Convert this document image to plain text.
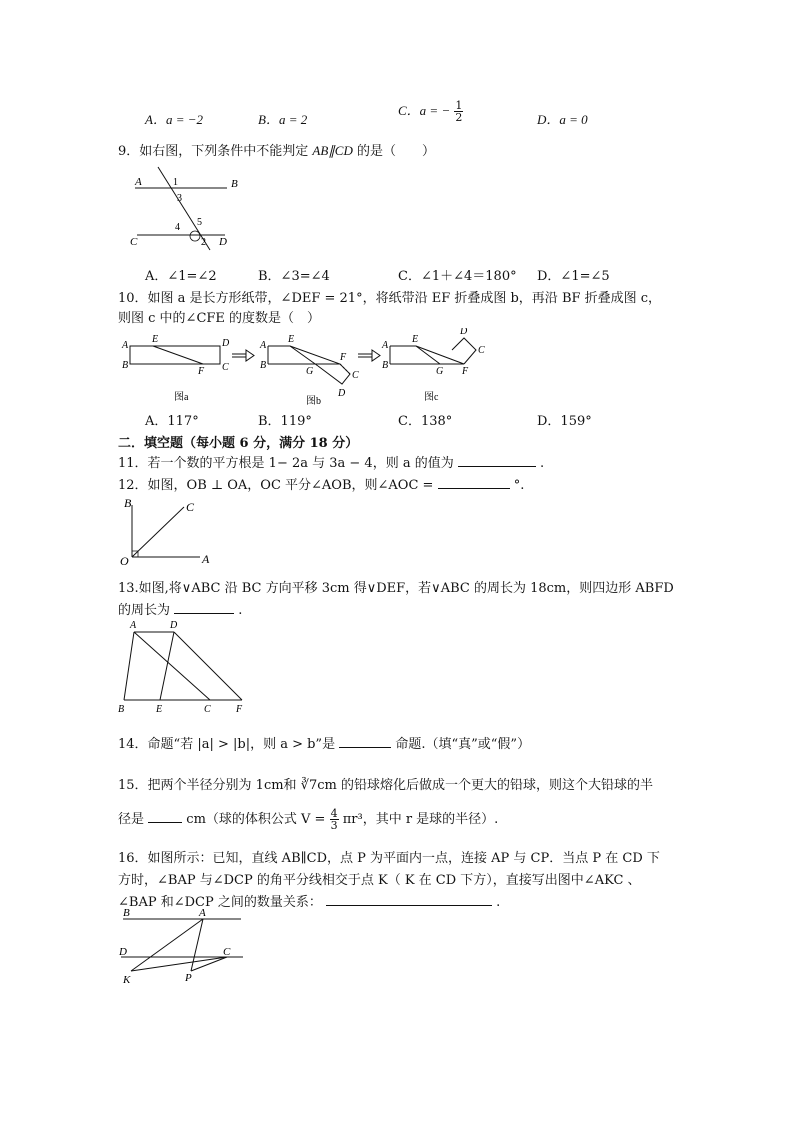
A．a = −2	B．a = 2
C．a = − $\frac{1}{2}$	D．a = 0
9．如右图，下列条件中不能判定 AB∥CD 的是（　　）
A	B
C	D
1
2
3
4 5
A．∠1=∠2	B．∠3=∠4	C．∠1＋∠4＝180° D．∠1=∠5
10．如图 a 是长方形纸带，∠DEF = 21°，将纸带沿 EF 折叠成图 b，再沿 BF 折叠成图 c，
则图 c 中的∠CFE 的度数是（　）
A
B
E	D
C
F
图a
A
B
E
F
G	C
D
图b
A
B
E
D
C
G F
图c
A．117°	B．119°	C．138°	D．159°
二．填空题（每小题 6 分，满分 18 分）
11．若一个数的平方根是 1− 2a 与 3a − 4，则 a 的值为	.
12．如图，OB ⊥ OA，OC 平分∠AOB，则∠AOC =	°.
O	A
B	C
13.如图,将∨ABC 沿 BC 方向平移 3cm 得∨DEF，若∨ABC 的周长为 18cm，则四边形 ABFD
的周长为	.
A	D
B	E	C	F
14．命题“若 |a| > |b|，则 a > b”是	命题.（填“真”或“假”）
15．把两个半径分别为 1cm和 ∛7cm 的铅球熔化后做成一个更大的铅球，则这个大铅球的半
径是	cm（球的体积公式 $V = \frac{4}{3} \pi r^3$，其中 r 是球的半径）.
16．如图所示：已知，直线 AB∥CD，点 P 为平面内一点，连接 AP 与 CP．当点 P 在 CD 下
方时，∠BAP 与∠DCP 的角平分线相交于点 K（ K 在 CD 下方），直接写出图中∠AKC 、
∠BAP 和∠DCP 之间的数量关系：	.
B	A
D	C
K	P
